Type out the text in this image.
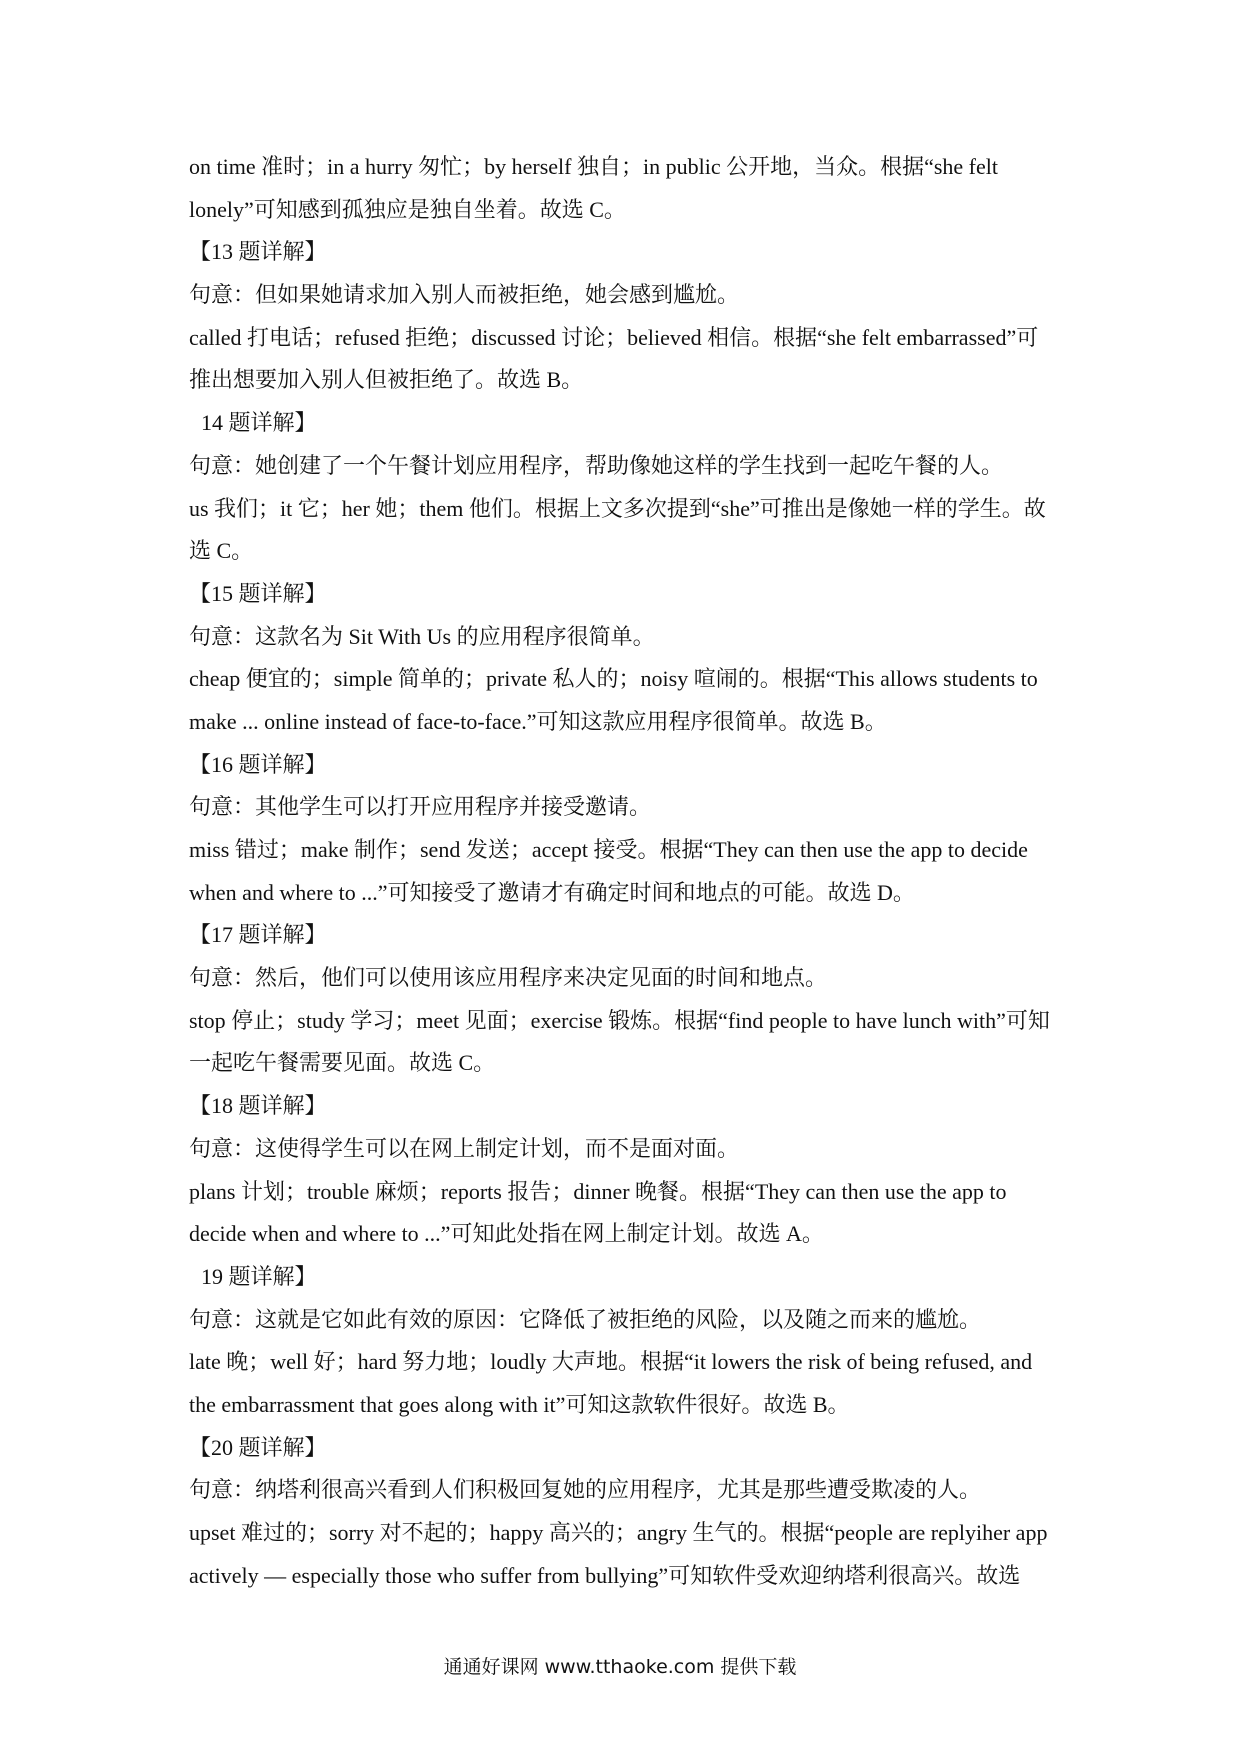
on time 准时；in a hurry 匆忙；by herself 独自；in public 公开地，当众。根据“she felt
lonely”可知感到孤独应是独自坐着。故选 C。
【13 题详解】
句意：但如果她请求加入别人而被拒绝，她会感到尴尬。
called 打电话；refused 拒绝；discussed 讨论；believed 相信。根据“she felt embarrassed”可
推出想要加入别人但被拒绝了。故选 B。
14 题详解】
句意：她创建了一个午餐计划应用程序，帮助像她这样的学生找到一起吃午餐的人。
us 我们；it 它；her 她；them 他们。根据上文多次提到“she”可推出是像她一样的学生。故
选 C。
【15 题详解】
句意：这款名为 Sit With Us 的应用程序很简单。
cheap 便宜的；simple 简单的；private 私人的；noisy 喧闹的。根据“This allows students to
make ... online instead of face-to-face.”可知这款应用程序很简单。故选 B。
【16 题详解】
句意：其他学生可以打开应用程序并接受邀请。
miss 错过；make 制作；send 发送；accept 接受。根据“They can then use the app to decide
when and where to ...”可知接受了邀请才有确定时间和地点的可能。故选 D。
【17 题详解】
句意：然后，他们可以使用该应用程序来决定见面的时间和地点。
stop 停止；study 学习；meet 见面；exercise 锻炼。根据“find people to have lunch with”可知
一起吃午餐需要见面。故选 C。
【18 题详解】
句意：这使得学生可以在网上制定计划，而不是面对面。
plans 计划；trouble 麻烦；reports 报告；dinner 晚餐。根据“They can then use the app to
decide when and where to ...”可知此处指在网上制定计划。故选 A。
19 题详解】
句意：这就是它如此有效的原因：它降低了被拒绝的风险，以及随之而来的尴尬。
late 晚；well 好；hard 努力地；loudly 大声地。根据“it lowers the risk of being refused, and
the embarrassment that goes along with it”可知这款软件很好。故选 B。
【20 题详解】
句意：纳塔利很高兴看到人们积极回复她的应用程序，尤其是那些遭受欺凌的人。
upset 难过的；sorry 对不起的；happy 高兴的；angry 生气的。根据“people are replyiher app
actively — especially those who suffer from bullying”可知软件受欢迎纳塔利很高兴。故选
通通好课网 www.tthaoke.com 提供下载
